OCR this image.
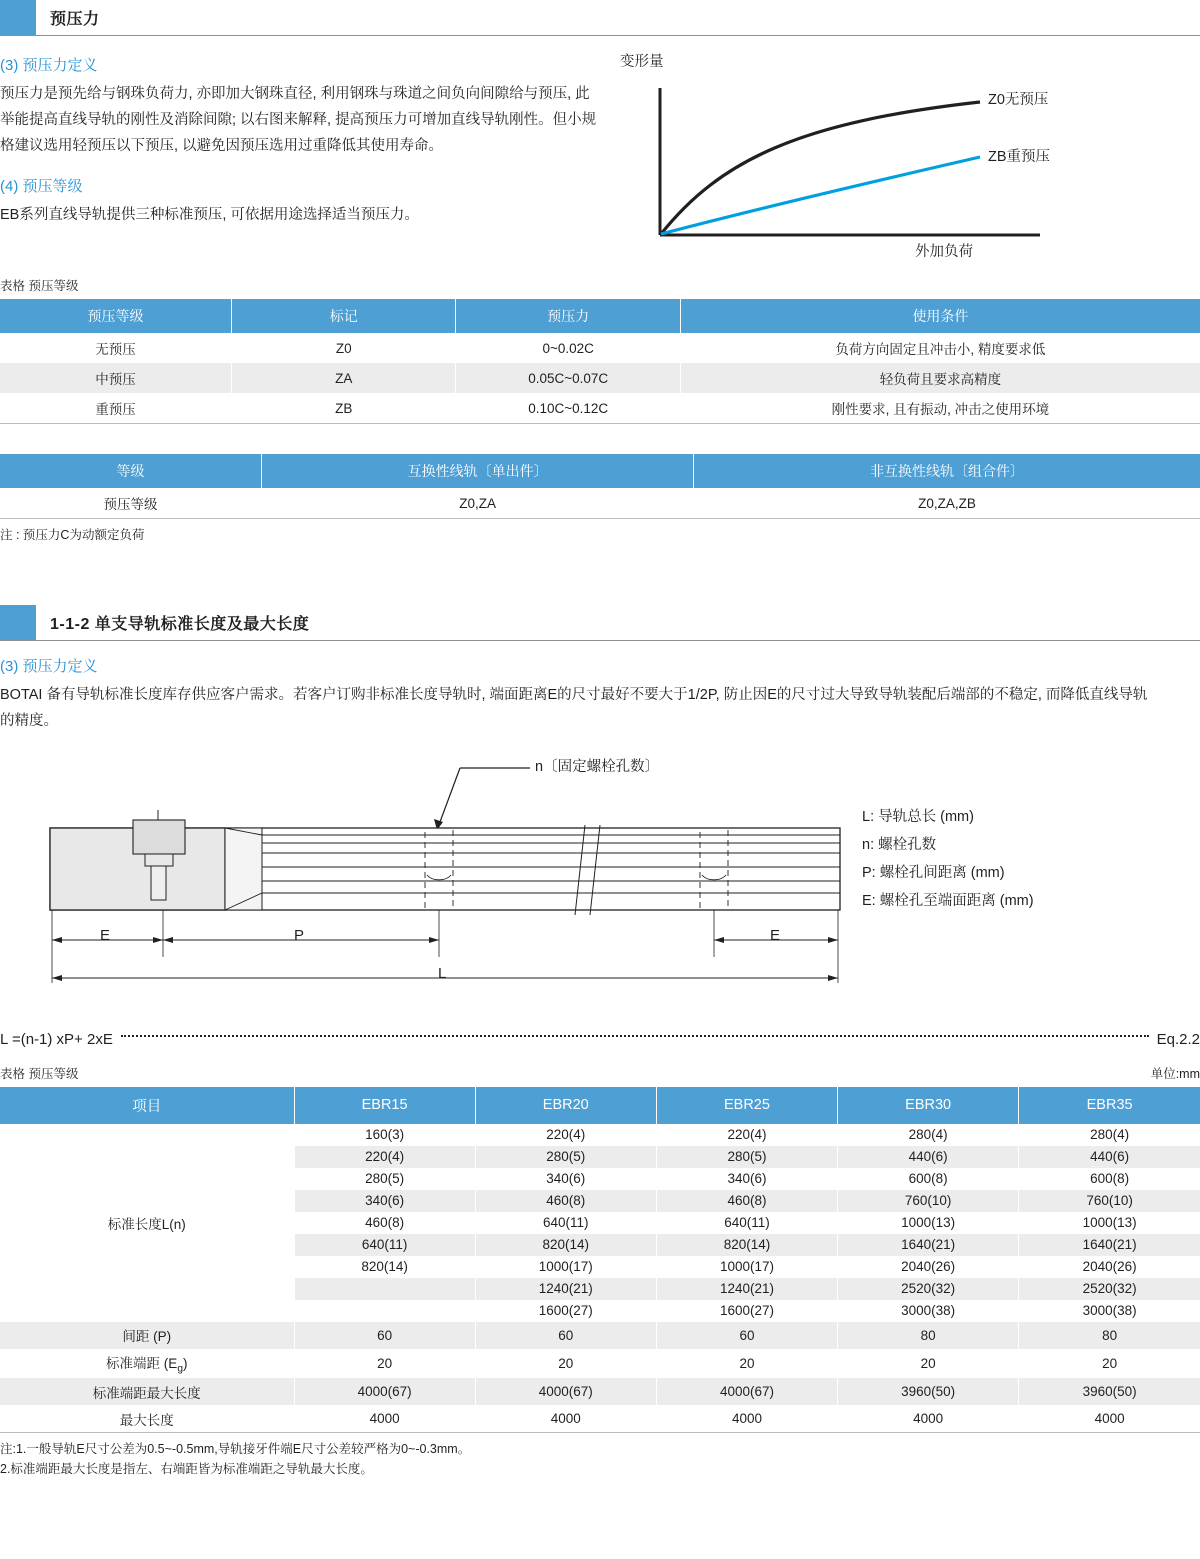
预压力
(3) 预压力定义
预压力是预先给与钢珠负荷力, 亦即加大钢珠直径, 利用钢珠与珠道之间负向间隙给与预压, 此举能提高直线导轨的刚性及消除间隙; 以右图来解释, 提高预压力可增加直线导轨刚性。但小规格建议选用轻预压以下预压, 以避免因预压选用过重降低其使用寿命。
(4) 预压等级
EB系列直线导轨提供三种标准预压, 可依据用途选择适当预压力。
变形量
Z0无预压
ZB重预压
外加负荷
表格 预压等级
预压等级	标记	预压力	使用条件
无预压	Z0	0~0.02C	负荷方向固定且冲击小, 精度要求低
中预压	ZA	0.05C~0.07C	轻负荷且要求高精度
重预压	ZB	0.10C~0.12C	刚性要求, 且有振动, 冲击之使用环境
等级	互换性线轨〔单出件〕	非互换性线轨〔组合件〕
预压等级	Z0,ZA	Z0,ZA,ZB
注 : 预压力C为动额定负荷
1-1-2 单支导轨标准长度及最大长度
(3) 预压力定义
BOTAI 备有导轨标准长度库存供应客户需求。若客户订购非标准长度导轨时, 端面距离E的尺寸最好不要大于1/2P, 防止因E的尺寸过大导致导轨装配后端部的不稳定, 而降低直线导轨的精度。
n〔固定螺栓孔数〕
E	P	E
L
L: 导轨总长 (mm)
n: 螺栓孔数
P: 螺栓孔间距离 (mm)
E: 螺栓孔至端面距离 (mm)
L =(n-1) xP+ 2xE	Eq.2.2
表格 预压等级	单位:mm
项目	EBR15	EBR20	EBR25	EBR30	EBR35
标准长度L(n)	160(3)	220(4)	220(4)	280(4)	280(4)
	220(4)	280(5)	280(5)	440(6)	440(6)
	280(5)	340(6)	340(6)	600(8)	600(8)
	340(6)	460(8)	460(8)	760(10)	760(10)
	460(8)	640(11)	640(11)	1000(13)	1000(13)
	640(11)	820(14)	820(14)	1640(21)	1640(21)
	820(14)	1000(17)	1000(17)	2040(26)	2040(26)
		1240(21)	1240(21)	2520(32)	2520(32)
		1600(27)	1600(27)	3000(38)	3000(38)
间距 (P)	60	60	60	80	80
标准端距 $(E_g)$	20	20	20	20	20
标准端距最大长度	4000(67)	4000(67)	4000(67)	3960(50)	3960(50)
最大长度	4000	4000	4000	4000	4000
注:1.一般导轨E尺寸公差为0.5~-0.5mm,导轨接牙件端E尺寸公差较严格为0~-0.3mm。
2.标准端距最大长度是指左、右端距皆为标准端距之导轨最大长度。
